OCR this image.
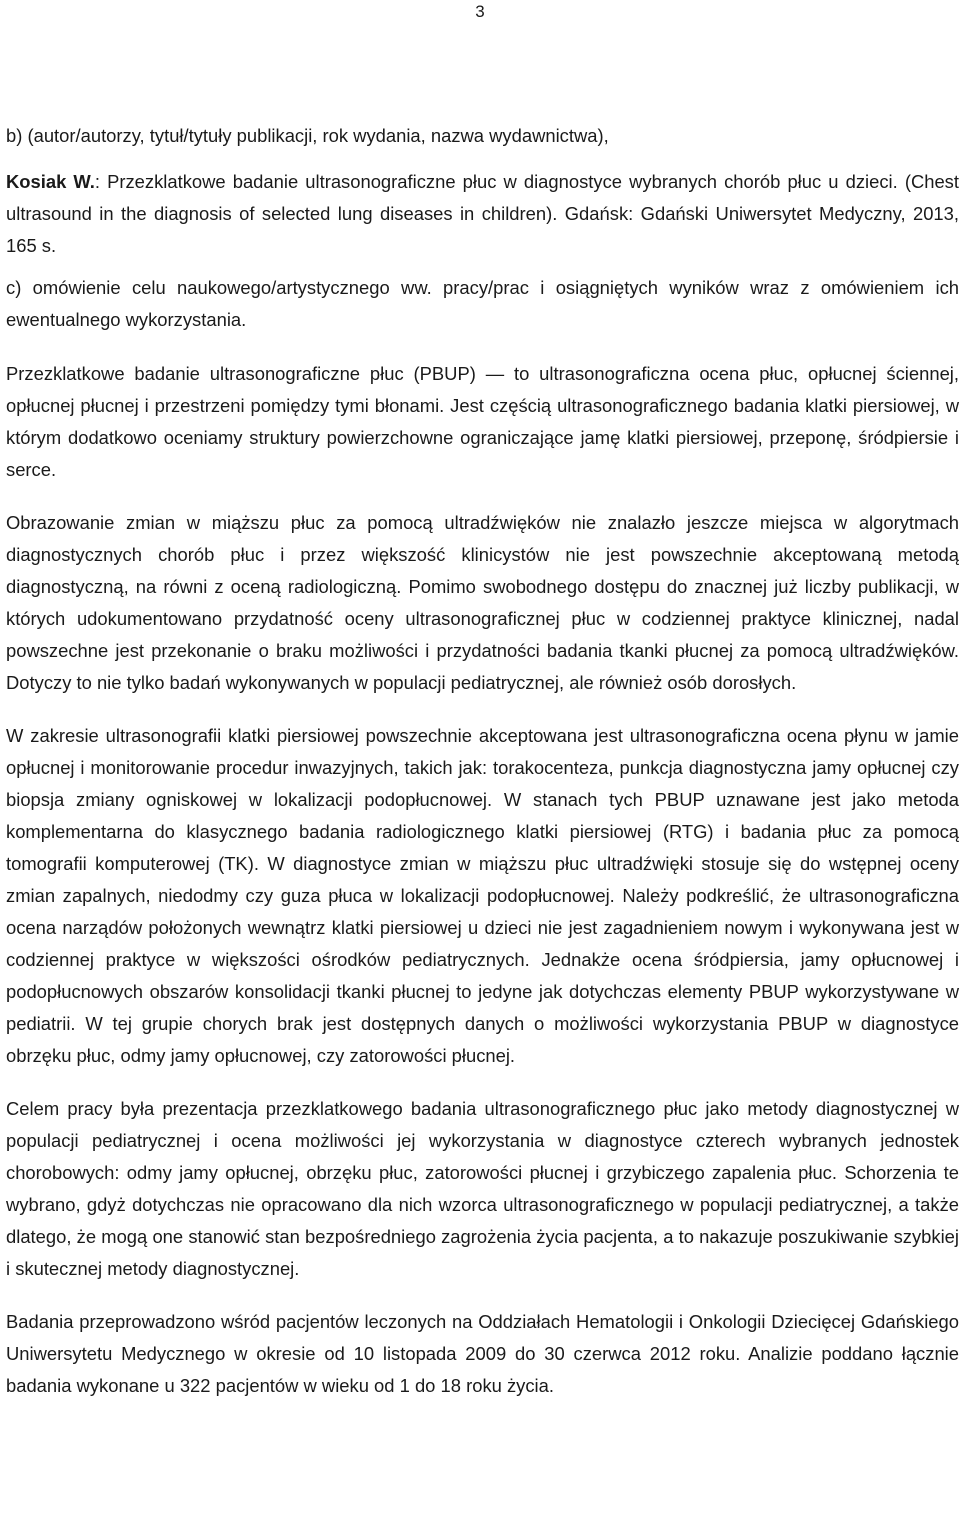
3

b) (autor/autorzy, tytuł/tytuły publikacji, rok wydania, nazwa wydawnictwa),

Kosiak W.: Przezklatkowe badanie ultrasonograficzne płuc w diagnostyce wybranych chorób płuc u dzieci. (Chest ultrasound in the diagnosis of selected lung diseases in children). Gdańsk: Gdański Uniwersytet Medyczny, 2013, 165 s.

c) omówienie celu naukowego/artystycznego ww. pracy/prac i osiągniętych wyników wraz z omówieniem ich ewentualnego wykorzystania.

Przezklatkowe badanie ultrasonograficzne płuc (PBUP) — to ultrasonograficzna ocena płuc, opłucnej ściennej, opłucnej płucnej i przestrzeni pomiędzy tymi błonami. Jest częścią ultrasonograficznego badania klatki piersiowej, w którym dodatkowo oceniamy struktury powierzchowne ograniczające jamę klatki piersiowej, przeponę, śródpiersie i serce.

Obrazowanie zmian w miąższu płuc za pomocą ultradźwięków nie znalazło jeszcze miejsca w algorytmach diagnostycznych chorób płuc i przez większość klinicystów nie jest powszechnie akceptowaną metodą diagnostyczną, na równi z oceną radiologiczną. Pomimo swobodnego dostępu do znacznej już liczby publikacji, w których udokumentowano przydatność oceny ultrasonograficznej płuc w codziennej praktyce klinicznej, nadal powszechne jest przekonanie o braku możliwości i przydatności badania tkanki płucnej za pomocą ultradźwięków. Dotyczy to nie tylko badań wykonywanych w populacji pediatrycznej, ale również osób dorosłych.

W zakresie ultrasonografii klatki piersiowej powszechnie akceptowana jest ultrasonograficzna ocena płynu w jamie opłucnej i monitorowanie procedur inwazyjnych, takich jak: torakocenteza, punkcja diagnostyczna jamy opłucnej czy biopsja zmiany ogniskowej w lokalizacji podopłucnowej. W stanach tych PBUP uznawane jest jako metoda komplementarna do klasycznego badania radiologicznego klatki piersiowej (RTG) i badania płuc za pomocą tomografii komputerowej (TK). W diagnostyce zmian w miąższu płuc ultradźwięki stosuje się do wstępnej oceny zmian zapalnych, niedodmy czy guza płuca w lokalizacji podopłucnowej. Należy podkreślić, że ultrasonograficzna ocena narządów położonych wewnątrz klatki piersiowej u dzieci nie jest zagadnieniem nowym i wykonywana jest w codziennej praktyce w większości ośrodków pediatrycznych. Jednakże ocena śródpiersia, jamy opłucnowej i podopłucnowych obszarów konsolidacji tkanki płucnej to jedyne jak dotychczas elementy PBUP wykorzystywane w pediatrii. W tej grupie chorych brak jest dostępnych danych o możliwości wykorzystania PBUP w diagnostyce obrzęku płuc, odmy jamy opłucnowej, czy zatorowości płucnej.

Celem pracy była prezentacja przezklatkowego badania ultrasonograficznego płuc jako metody diagnostycznej w populacji pediatrycznej i ocena możliwości jej wykorzystania w diagnostyce czterech wybranych jednostek chorobowych: odmy jamy opłucnej, obrzęku płuc, zatorowości płucnej i grzybiczego zapalenia płuc. Schorzenia te wybrano, gdyż dotychczas nie opracowano dla nich wzorca ultrasonograficznego w populacji pediatrycznej, a także dlatego, że mogą one stanowić stan bezpośredniego zagrożenia życia pacjenta, a to nakazuje poszukiwanie szybkiej i skutecznej metody diagnostycznej.

Badania przeprowadzono wśród pacjentów leczonych na Oddziałach Hematologii i Onkologii Dziecięcej Gdańskiego Uniwersytetu Medycznego w okresie od 10 listopada 2009 do 30 czerwca 2012 roku. Analizie poddano łącznie badania wykonane u 322 pacjentów w wieku od 1 do 18 roku życia.
